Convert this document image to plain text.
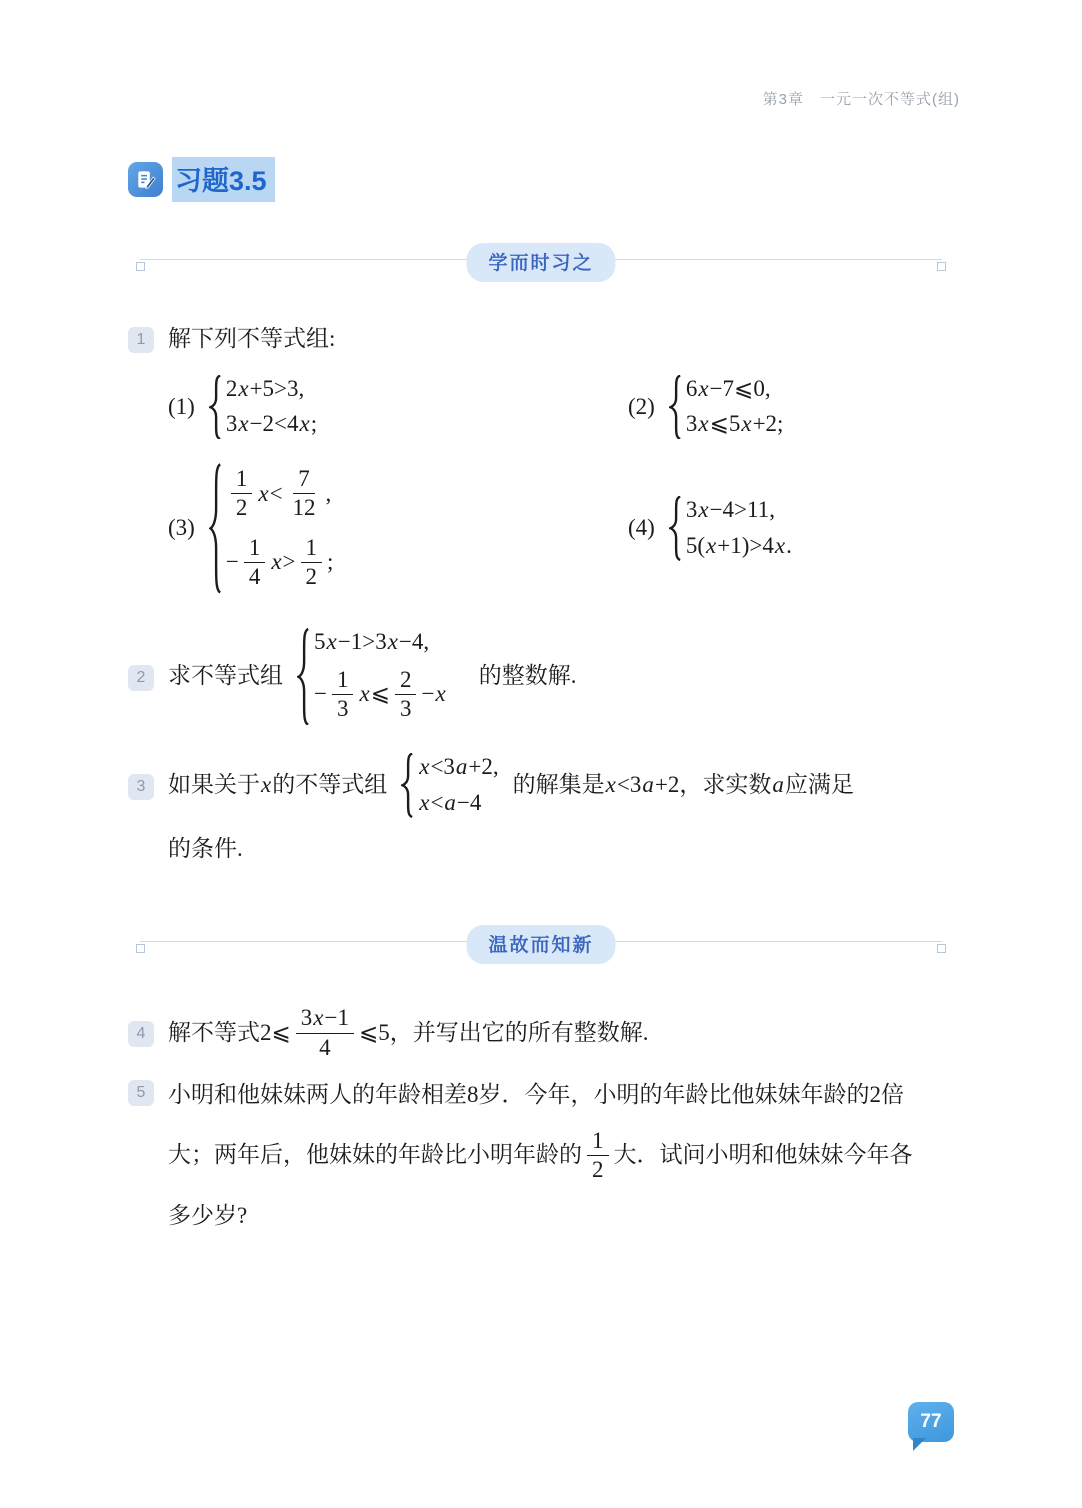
第3章　一元一次不等式(组)
习题3.5
学而时习之
1 解下列不等式组:
(1)
2 x +5>3,
3 x −2<4 x ;
(2)
6 x −7⩽0,
3 x ⩽5 x +2;
(3)
$\frac{1}{2}$ $x < \frac{7}{12}$ ,
− $\frac{1}{4}$ $x > \frac{1}{2}$ ;
(4)
3 x −4>11,
5( x +1)>4 x .
2 求不等式组
5 x −1>3 x −4,
− $\frac{1}{3}$ x ⩽ $\frac{2}{3} - x$
的整数解.
3 如果关于x的不等式组
x <3 a +2,
x < a −4
的解集是x<3a+2，求实数a应满足
的条件.
温故而知新
4 解不等式2⩽ $\frac{3 x -1}{4}$ ⩽5，并写出它的所有整数解.
5 小明和他妹妹两人的年龄相差8岁．今年，小明的年龄比他妹妹年龄的2倍
大；两年后，他妹妹的年龄比小明年龄的 $\frac{1}{2}$ 大．试问小明和他妹妹今年各
多少岁?
77
